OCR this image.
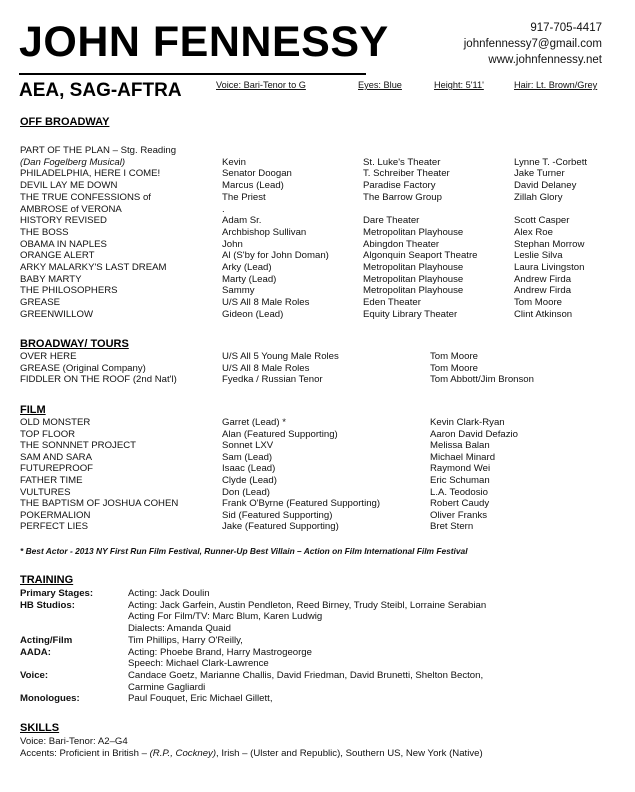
JOHN FENNESSY	917-705-4417
johnfennessy7@gmail.com
www.johnfennessy.net
AEA, SAG-AFTRA	Voice: Bari-Tenor to G	Eyes: Blue	Height: 5'11'	Hair: Lt. Brown/Grey
OFF BROADWAY
PART OF THE PLAN – Stg. Reading
(Dan Fogelberg Musical)	Kevin	St. Luke's Theater	Lynne T. -Corbett
PHILADELPHIA, HERE I COME!	Senator Doogan	T. Schreiber Theater	Jake Turner
DEVIL LAY ME DOWN	Marcus (Lead)	Paradise Factory	David Delaney
THE TRUE CONFESSIONS of	The Priest	The Barrow Group	Zillah Glory
AMBROSE of VERONA	.
HISTORY REVISED	Adam Sr.	Dare Theater	Scott Casper
THE BOSS	Archbishop Sullivan	Metropolitan Playhouse	Alex Roe
OBAMA IN NAPLES	John	Abingdon Theater	Stephan Morrow
ORANGE ALERT	Al (S'by for John Doman)	Algonquin Seaport Theatre	Leslie Silva
ARKY MALARKY'S LAST DREAM	Arky (Lead)	Metropolitan Playhouse	Laura Livingston
BABY MARTY	Marty (Lead)	Metropolitan Playhouse	Andrew Firda
THE PHILOSOPHERS	Sammy	Metropolitan Playhouse	Andrew Firda
GREASE	U/S All 8 Male Roles	Eden Theater	Tom Moore
GREENWILLOW	Gideon (Lead)	Equity Library Theater	Clint Atkinson
BROADWAY/ TOURS
OVER HERE	U/S All 5 Young Male Roles	Tom Moore
GREASE (Original Company)	U/S All 8 Male Roles	Tom Moore
FIDDLER ON THE ROOF (2nd Nat'l)	Fyedka / Russian Tenor	Tom Abbott/Jim Bronson
FILM
OLD MONSTER	Garret (Lead) *	Kevin Clark-Ryan
TOP FLOOR	Alan (Featured Supporting)	Aaron David Defazio
THE SONNNET PROJECT	Sonnet LXV	Melissa Balan
SAM AND SARA	Sam (Lead)	Michael Minard
FUTUREPROOF	Isaac (Lead)	Raymond Wei
FATHER TIME	Clyde (Lead)	Eric Schuman
VULTURES	Don (Lead)	L.A. Teodosio
THE BAPTISM OF JOSHUA COHEN	Frank O'Byrne (Featured Supporting)	Robert Caudy
POKERMALION	Sid (Featured Supporting)	Oliver Franks
PERFECT LIES	Jake (Featured Supporting)	Bret Stern
* Best Actor - 2013 NY First Run Film Festival, Runner-Up Best Villain – Action on Film International Film Festival
TRAINING
Primary Stages:	Acting: Jack Doulin
HB Studios:	Acting: Jack Garfein, Austin Pendleton, Reed Birney, Trudy Steibl, Lorraine Serabian
Acting For Film/TV: Marc Blum, Karen Ludwig
Dialects: Amanda Quaid
Acting/Film	Tim Phillips, Harry O'Reilly,
AADA:	Acting: Phoebe Brand, Harry Mastrogeorge
Speech: Michael Clark-Lawrence
Voice:	Candace Goetz, Marianne Challis, David Friedman, David Brunetti, Shelton Becton,
Carmine Gagliardi
Monologues:	Paul Fouquet, Eric Michael Gillett,
SKILLS
Voice: Bari-Tenor: A2–G4
Accents: Proficient in British – (R.P., Cockney), Irish – (Ulster and Republic), Southern US, New York (Native)
